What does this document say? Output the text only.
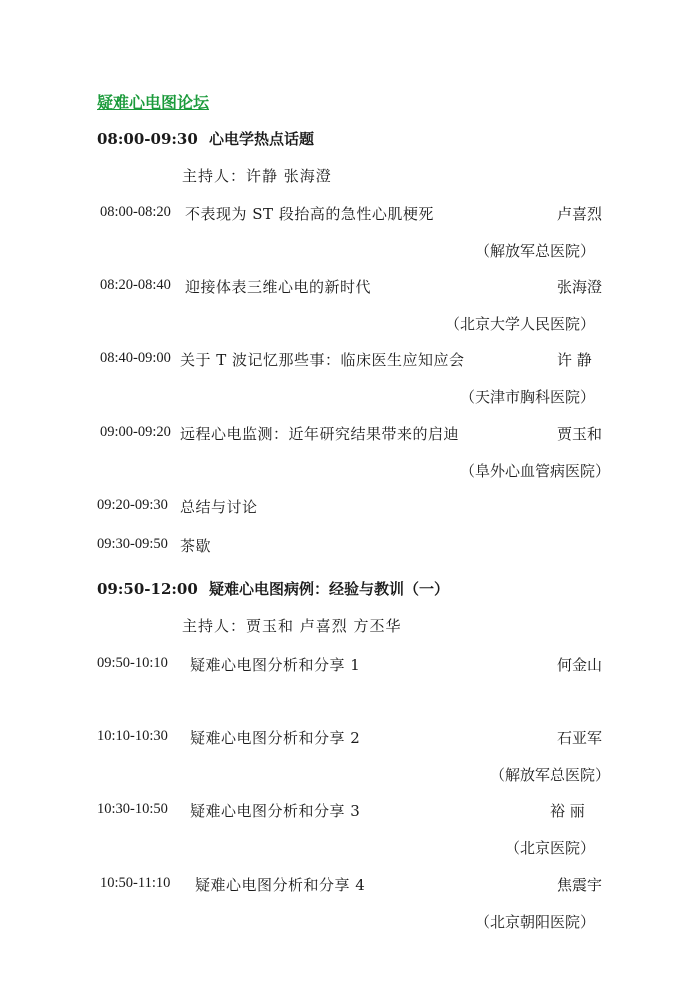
疑难心电图论坛
08:00-09:30 心电学热点话题
主持人：许静 张海澄
08:00-08:20 不表现为 ST 段抬高的急性心肌梗死	卢喜烈
（解放军总医院）
08:20-08:40 迎接体表三维心电的新时代	张海澄
（北京大学人民医院）
08:40-09:00 关于 T 波记忆那些事：临床医生应知应会	许 静
（天津市胸科医院）
09:00-09:20 远程心电监测：近年研究结果带来的启迪	贾玉和
（阜外心血管病医院）
09:20-09:30 总结与讨论
09:30-09:50 茶歇
09:50-12:00 疑难心电图病例：经验与教训（一）
主持人：贾玉和 卢喜烈 方丕华
09:50-10:10 疑难心电图分析和分享 1	何金山
10:10-10:30 疑难心电图分析和分享 2	石亚军
（解放军总医院）
10:30-10:50 疑难心电图分析和分享 3	裕 丽
（北京医院）
10:50-11:10 疑难心电图分析和分享 4	焦震宇
（北京朝阳医院）
